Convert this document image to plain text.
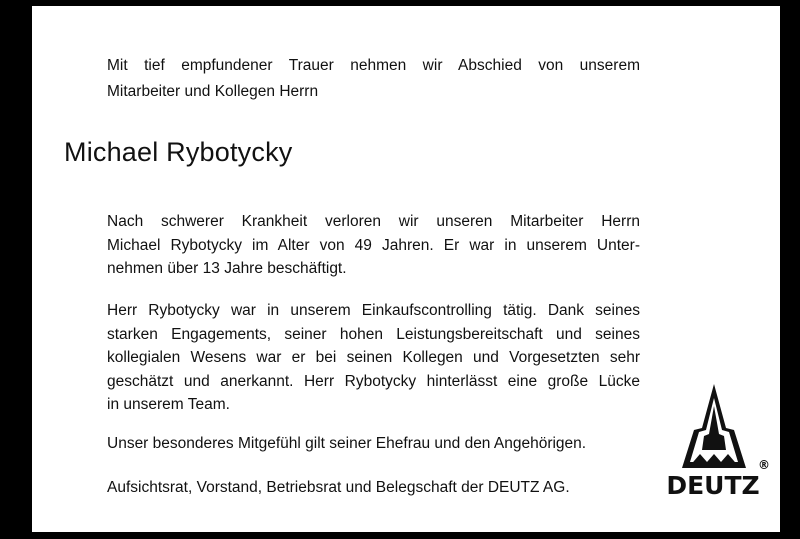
Mit tief empfundener Trauer nehmen wir Abschied von unserem
Mitarbeiter und Kollegen Herrn

Michael Rybotycky

Nach schwerer Krankheit verloren wir unseren Mitarbeiter Herrn
Michael Rybotycky im Alter von 49 Jahren. Er war in unserem Unter-
nehmen über 13 Jahre beschäftigt.

Herr Rybotycky war in unserem Einkaufscontrolling tätig. Dank seines
starken Engagements, seiner hohen Leistungsbereitschaft und seines
kollegialen Wesens war er bei seinen Kollegen und Vorgesetzten sehr
geschätzt und anerkannt. Herr Rybotycky hinterlässt eine große Lücke
in unserem Team.

Unser besonderes Mitgefühl gilt seiner Ehefrau und den Angehörigen.

Aufsichtsrat, Vorstand, Betriebsrat und Belegschaft der DEUTZ AG.	DEUTZ
®
